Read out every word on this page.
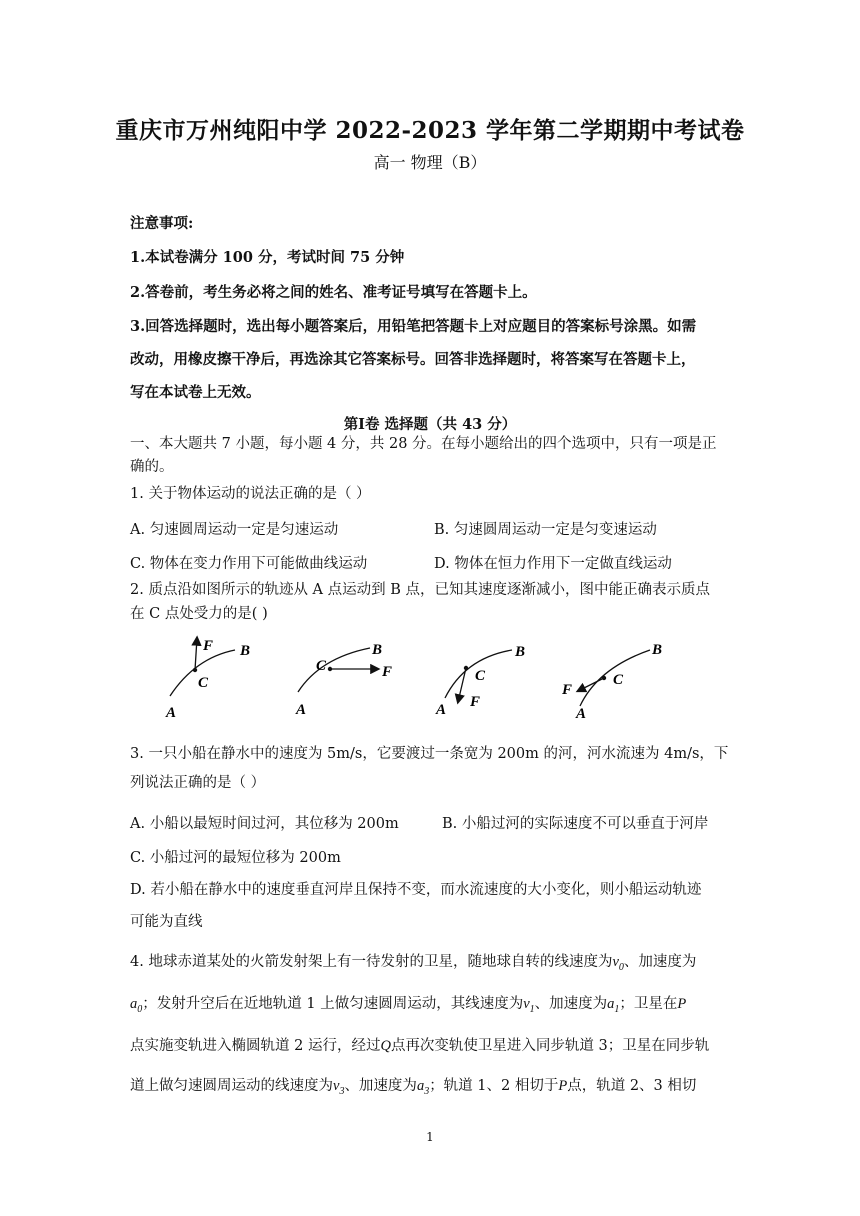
重庆市万州纯阳中学 2022-2023 学年第二学期期中考试卷
高一 物理（B）
注意事项:
1.本试卷满分 100 分，考试时间 75 分钟
2.答卷前，考生务必将之间的姓名、准考证号填写在答题卡上。
3.回答选择题时，选出每小题答案后，用铅笔把答题卡上对应题目的答案标号涂黑。如需
改动，用橡皮擦干净后，再选涂其它答案标号。回答非选择题时，将答案写在答题卡上，
写在本试卷上无效。
第Ⅰ卷 选择题（共 43 分）
一、本大题共 7 小题，每小题 4 分，共 28 分。在每小题给出的四个选项中，只有一项是正
确的。
1. 关于物体运动的说法正确的是（ ）
A. 匀速圆周运动一定是匀速运动	B. 匀速圆周运动一定是匀变速运动
C. 物体在变力作用下可能做曲线运动	D. 物体在恒力作用下一定做直线运动
2. 质点沿如图所示的轨迹从 A 点运动到 B 点，已知其速度逐渐减小，图中能正确表示质点
在 C 点处受力的是( )
F
C
B
A
C
B
F
A
C
B
F
A
C
B
F
A
3. 一只小船在静水中的速度为 5m/s，它要渡过一条宽为 200m 的河，河水流速为 4m/s，下
列说法正确的是（ ）
A. 小船以最短时间过河，其位移为 200m	B. 小船过河的实际速度不可以垂直于河岸
C. 小船过河的最短位移为 200m
D. 若小船在静水中的速度垂直河岸且保持不变，而水流速度的大小变化，则小船运动轨迹
可能为直线
4. 地球赤道某处的火箭发射架上有一待发射的卫星，随地球自转的线速度为$v_0$、加速度为
$a_0$；发射升空后在近地轨道 1 上做匀速圆周运动，其线速度为$v_1$、加速度为$a_1$；卫星在P
点实施变轨进入椭圆轨道 2 运行，经过Q点再次变轨使卫星进入同步轨道 3；卫星在同步轨
道上做匀速圆周运动的线速度为$v_3$、加速度为$a_3$；轨道 1、2 相切于P点，轨道 2、3 相切
1
